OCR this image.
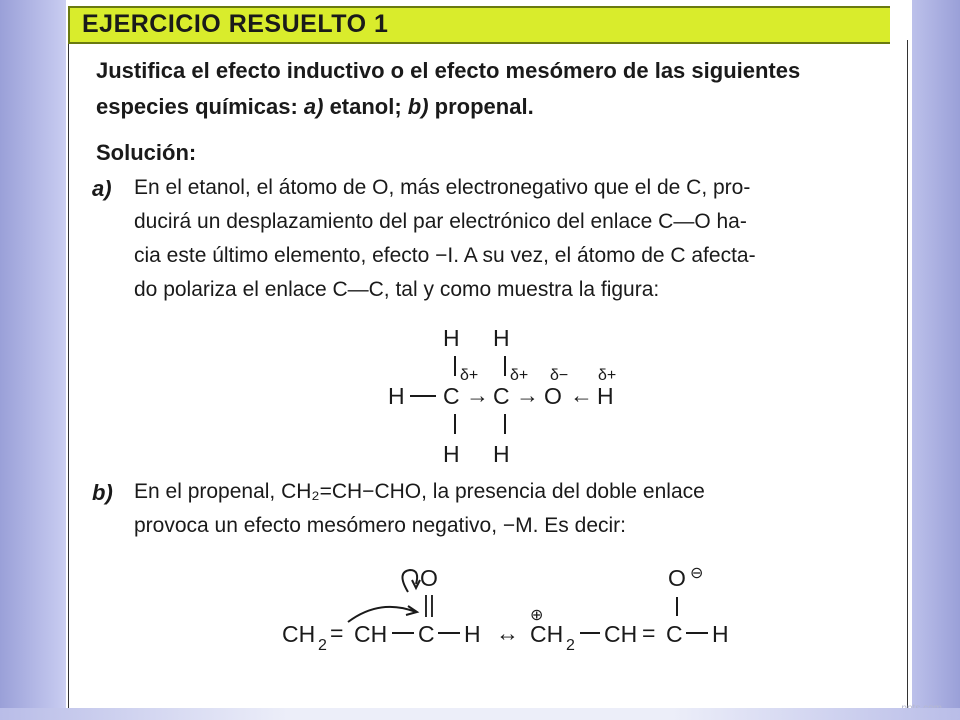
EJERCICIO RESUELTO 1
Justifica el efecto inductivo o el efecto mesómero de las siguientes
especies químicas: a) etanol; b) propenal.
Solución:
a) En el etanol, el átomo de O, más electronegativo que el de C, pro-
ducirá un desplazamiento del par electrónico del enlace C—O ha-
cia este último elemento, efecto −I. A su vez, el átomo de C afecta-
do polariza el enlace C—C, tal y como muestra la figura:
H H
δ+ δ+ δ− δ+
H C → C → O ← H
H H
b) En el propenal, CH₂=CH−CHO, la presencia del doble enlace
provoca un efecto mesómero negativo, −M. Es decir:
O
||
CH 2 = CH C H ↔
⊕
CH 2 CH = C H
O ⊖
